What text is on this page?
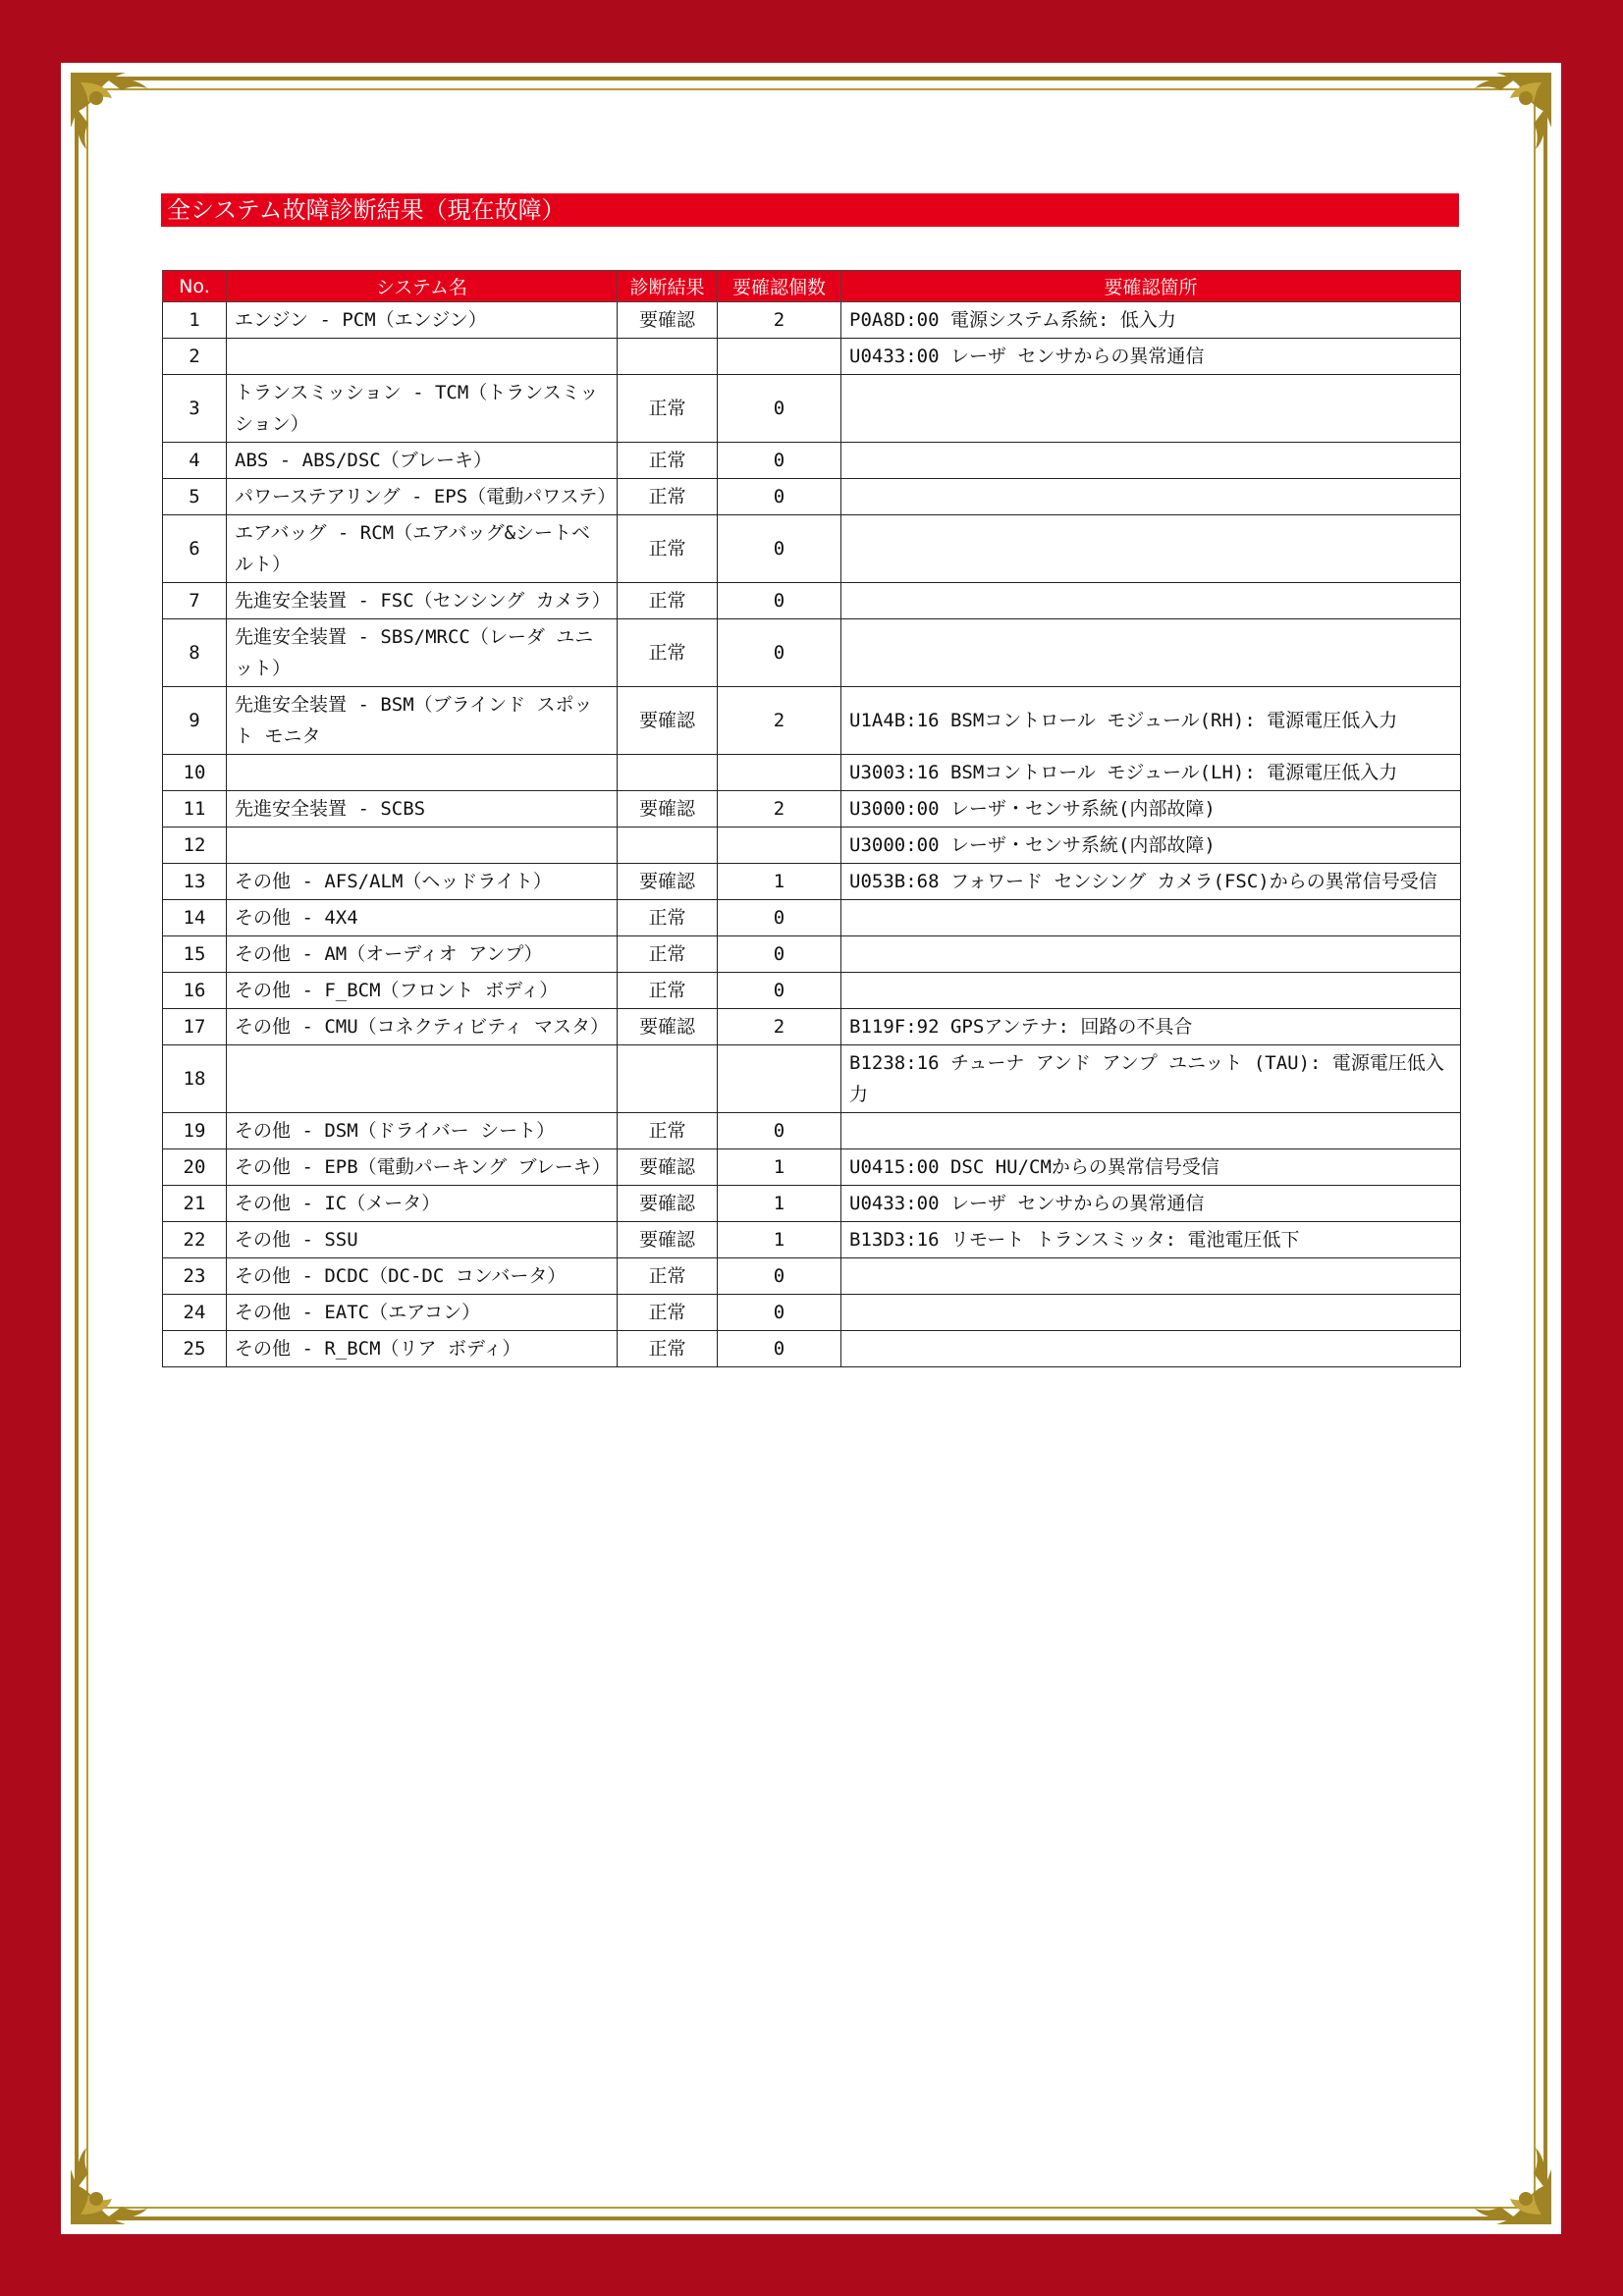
全システム故障診断結果（現在故障）
No.	システム名	診断結果	要確認個数	要確認箇所
1	エンジン - PCM（エンジン）	要確認	2	P0A8D:00 電源システム系統: 低入力
2				U0433:00 レーザ センサからの異常通信
3	トランスミッション - TCM（トランスミッション）	正常	0	
4	ABS - ABS/DSC（ブレーキ）	正常	0	
5	パワーステアリング - EPS（電動パワステ）	正常	0	
6	エアバッグ - RCM（エアバッグ&シートベルト）	正常	0	
7	先進安全装置 - FSC（センシング カメラ）	正常	0	
8	先進安全装置 - SBS/MRCC（レーダ ユニット）	正常	0	
9	先進安全装置 - BSM（ブラインド スポット モニタ	要確認	2	U1A4B:16 BSMコントロール モジュール(RH): 電源電圧低入力
10				U3003:16 BSMコントロール モジュール(LH): 電源電圧低入力
11	先進安全装置 - SCBS	要確認	2	U3000:00 レーザ・センサ系統(内部故障)
12				U3000:00 レーザ・センサ系統(内部故障)
13	その他 - AFS/ALM（ヘッドライト）	要確認	1	U053B:68 フォワード センシング カメラ(FSC)からの異常信号受信
14	その他 - 4X4	正常	0	
15	その他 - AM（オーディオ アンプ）	正常	0	
16	その他 - F_BCM（フロント ボディ）	正常	0	
17	その他 - CMU（コネクティビティ マスタ）	要確認	2	B119F:92 GPSアンテナ: 回路の不具合
18				B1238:16 チューナ アンド アンプ ユニット (TAU): 電源電圧低入力
19	その他 - DSM（ドライバー シート）	正常	0	
20	その他 - EPB（電動パーキング ブレーキ）	要確認	1	U0415:00 DSC HU/CMからの異常信号受信
21	その他 - IC（メータ）	要確認	1	U0433:00 レーザ センサからの異常通信
22	その他 - SSU	要確認	1	B13D3:16 リモート トランスミッタ: 電池電圧低下
23	その他 - DCDC（DC-DC コンバータ）	正常	0	
24	その他 - EATC（エアコン）	正常	0	
25	その他 - R_BCM（リア ボディ）	正常	0	
